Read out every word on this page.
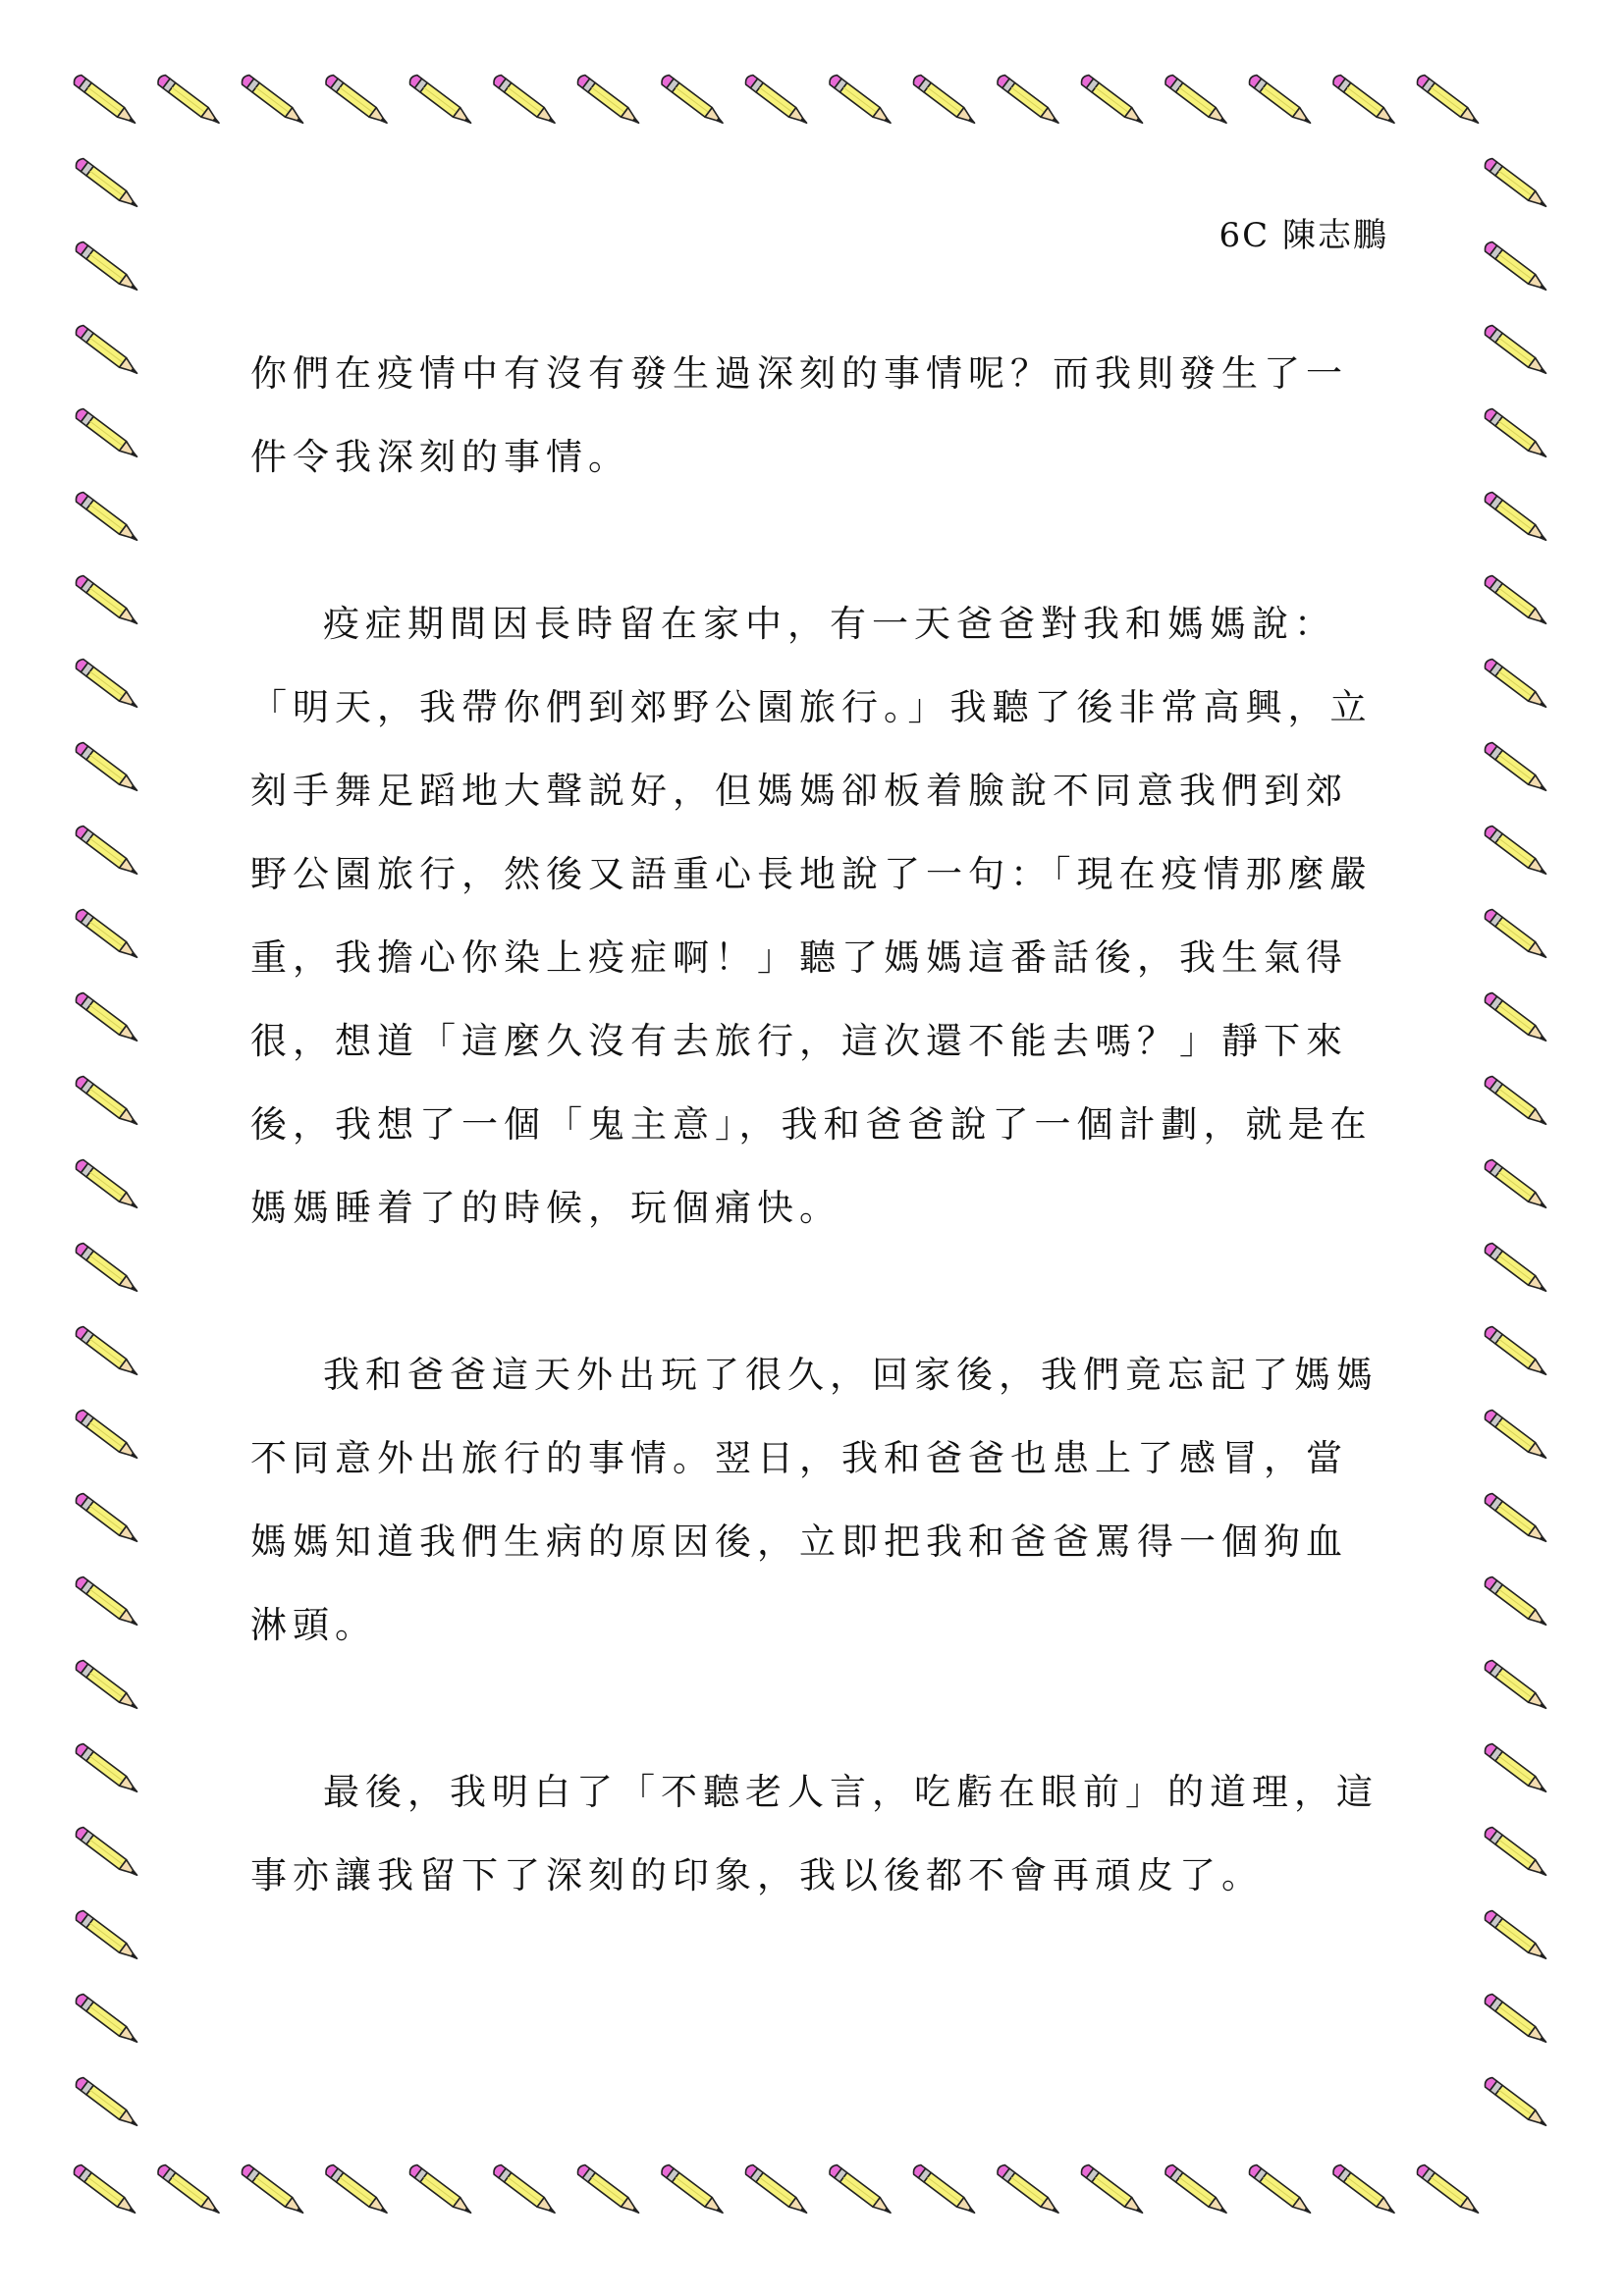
6C 陳志鵬

你們在疫情中有沒有發生過深刻的事情呢？而我則發生了一件令我深刻的事情。

疫症期間因長時留在家中，有一天爸爸對我和媽媽說：「明天，我帶你們到郊野公園旅行。」我聽了後非常高興，立刻手舞足蹈地大聲説好，但媽媽卻板着臉說不同意我們到郊野公園旅行，然後又語重心長地說了一句：「現在疫情那麼嚴重，我擔心你染上疫症啊！」聽了媽媽這番話後，我生氣得很，想道「這麼久沒有去旅行，這次還不能去嗎？」靜下來後，我想了一個「鬼主意」，我和爸爸說了一個計劃，就是在媽媽睡着了的時候，玩個痛快。

我和爸爸這天外出玩了很久，回家後，我們竟忘記了媽媽不同意外出旅行的事情。翌日，我和爸爸也患上了感冒，當媽媽知道我們生病的原因後，立即把我和爸爸罵得一個狗血淋頭。

最後，我明白了「不聽老人言，吃虧在眼前」的道理，這事亦讓我留下了深刻的印象，我以後都不會再頑皮了。
